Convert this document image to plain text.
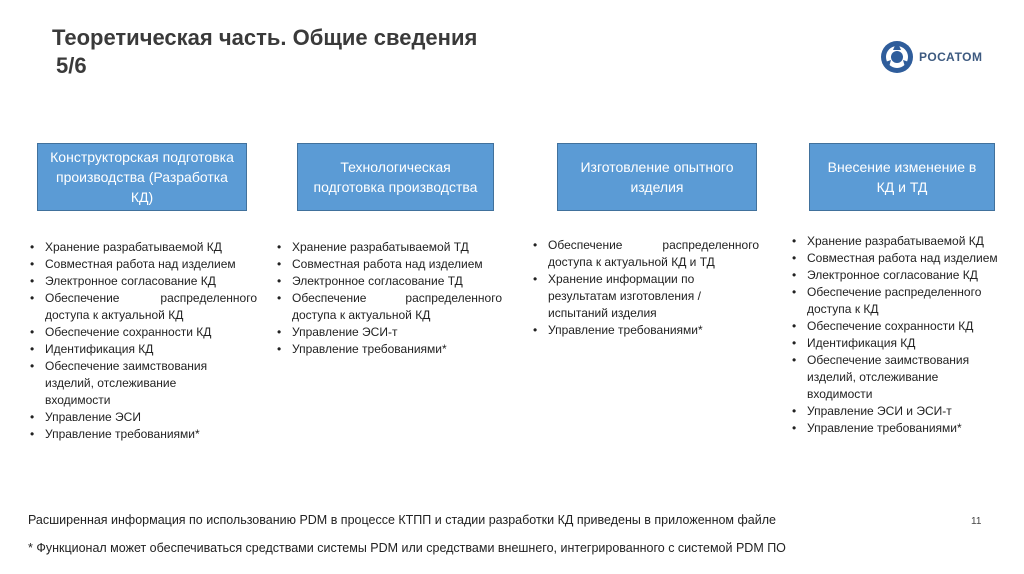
Теоретическая часть. Общие сведения
5/6	РОСАТОМ
Конструкторская подготовка производства (Разработка КД)
Технологическая подготовка производства
Изготовление опытного изделия
Внесение изменение в КД и ТД
• Хранение разрабатываемой КД
• Совместная работа над изделием
• Электронное согласование КД
• Обеспечение распределенного доступа к актуальной КД
• Обеспечение сохранности КД
• Идентификация КД
• Обеспечение заимствования изделий, отслеживание входимости
• Управление ЭСИ
• Управление требованиями*
• Хранение разрабатываемой ТД
• Совместная работа над изделием
• Электронное согласование ТД
• Обеспечение распределенного доступа к актуальной КД
• Управление ЭСИ-т
• Управление требованиями*
• Обеспечение распределенного доступа к актуальной КД и ТД
• Хранение информации по результатам изготовления / испытаний изделия
• Управление требованиями*
• Хранение разрабатываемой КД
• Совместная работа над изделием
• Электронное согласование КД
• Обеспечение распределенного доступа к КД
• Обеспечение сохранности КД
• Идентификация КД
• Обеспечение заимствования изделий, отслеживание входимости
• Управление ЭСИ и ЭСИ-т
• Управление требованиями*
Расширенная информация по использованию PDM в процессе КТПП и стадии разработки КД приведены в приложенном файле	11
* Функционал может обеспечиваться средствами системы PDM или средствами внешнего, интегрированного с системой PDM ПО
